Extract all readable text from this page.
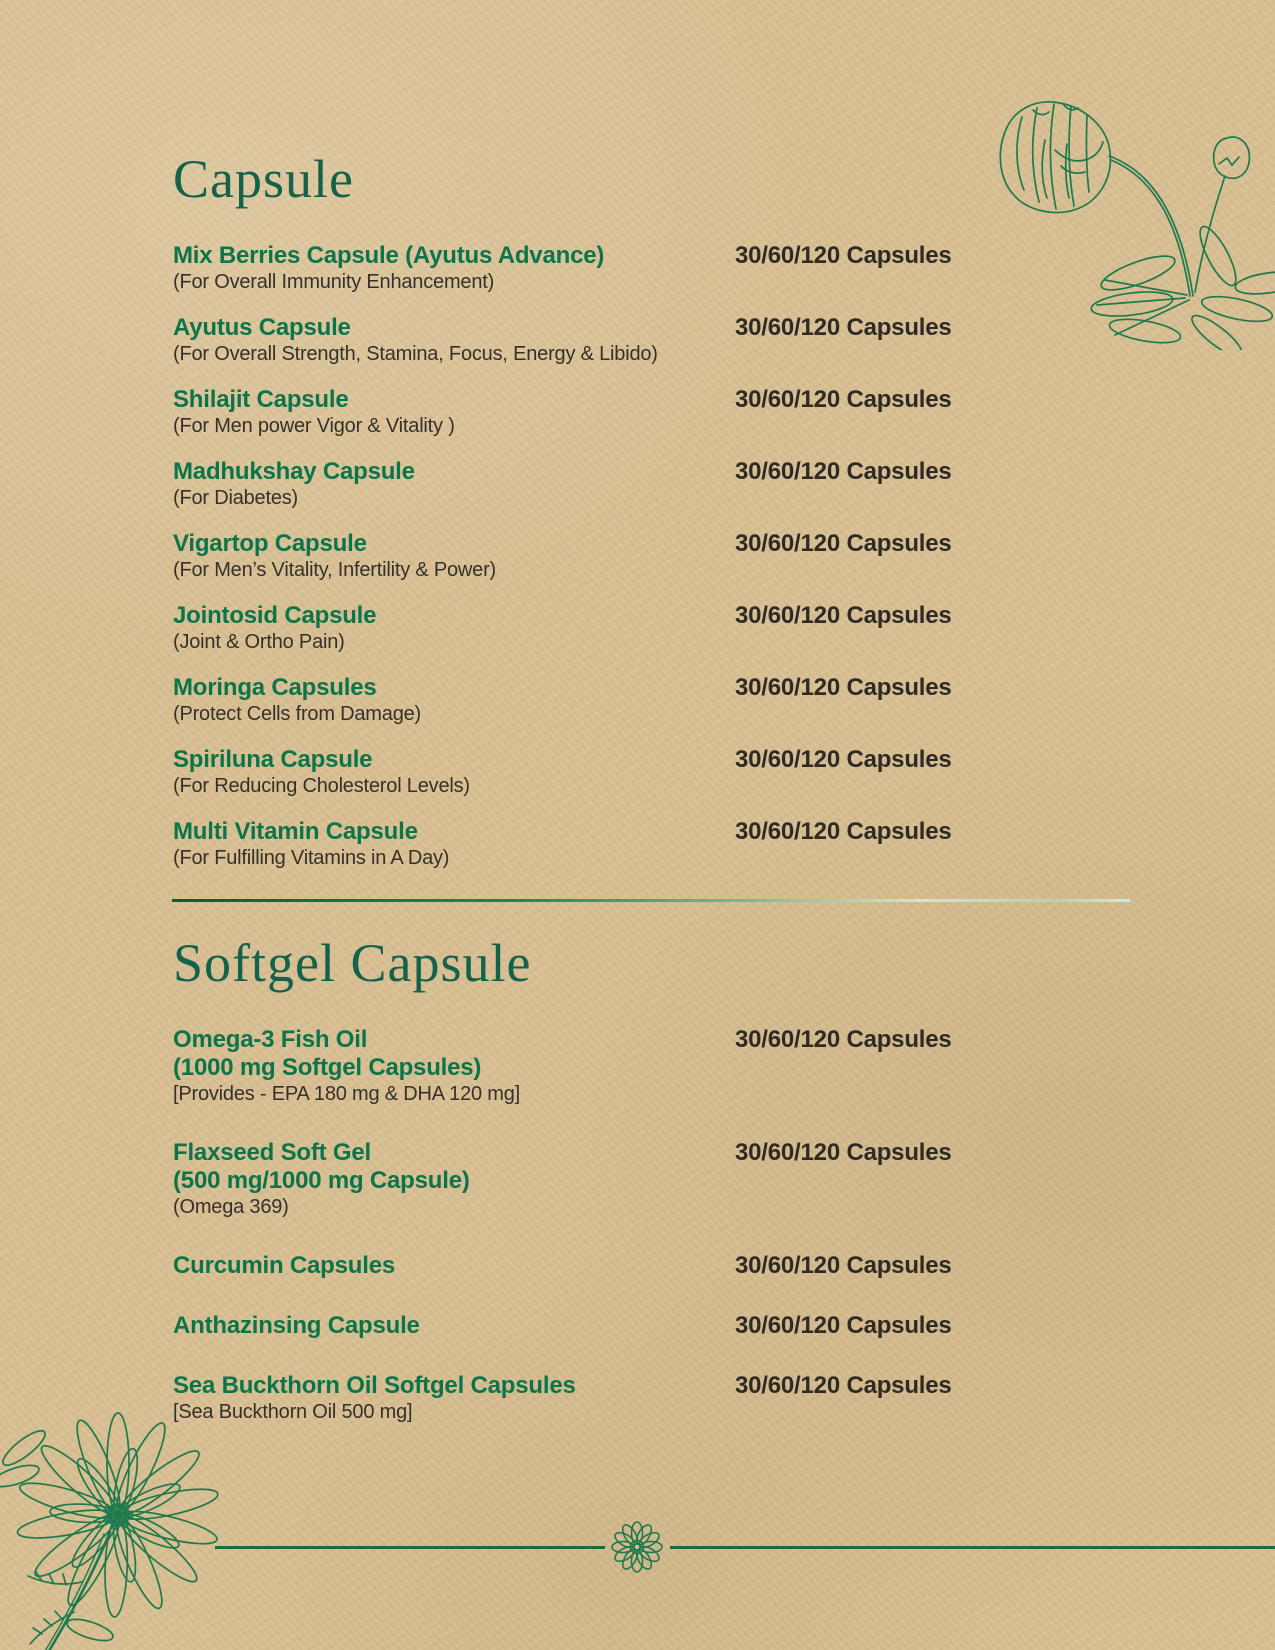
Capsule
Mix Berries Capsule (Ayutus Advance)
(For Overall Immunity Enhancement)
30/60/120 Capsules
Ayutus Capsule
(For Overall Strength, Stamina, Focus, Energy & Libido)
30/60/120 Capsules
Shilajit Capsule
(For Men power Vigor & Vitality )
30/60/120 Capsules
Madhukshay Capsule
(For Diabetes)
30/60/120 Capsules
Vigartop Capsule
(For Men’s Vitality, Infertility & Power)
30/60/120 Capsules
Jointosid Capsule
(Joint & Ortho Pain)
30/60/120 Capsules
Moringa Capsules
(Protect Cells from Damage)
30/60/120 Capsules
Spiriluna Capsule
(For Reducing Cholesterol Levels)
30/60/120 Capsules
Multi Vitamin Capsule
(For Fulfilling Vitamins in A Day)
30/60/120 Capsules
Softgel Capsule
Omega-3 Fish Oil
(1000 mg Softgel Capsules)
[Provides - EPA 180 mg & DHA 120 mg]
30/60/120 Capsules
Flaxseed Soft Gel
(500 mg/1000 mg Capsule)
(Omega 369)
30/60/120 Capsules
Curcumin Capsules	30/60/120 Capsules
Anthazinsing Capsule	30/60/120 Capsules
Sea Buckthorn Oil Softgel Capsules
[Sea Buckthorn Oil 500 mg]
30/60/120 Capsules
